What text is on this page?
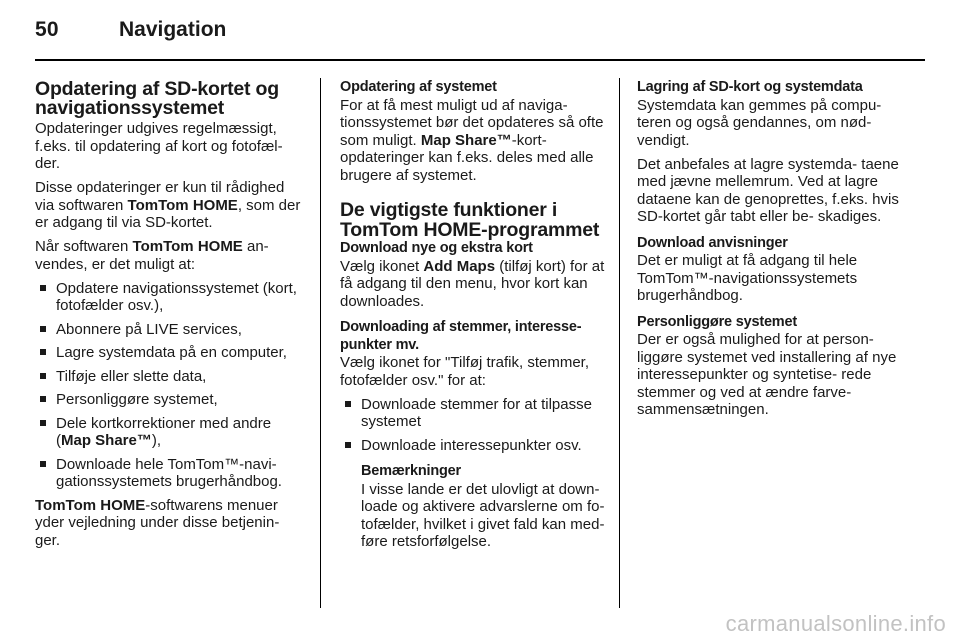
50	Navigation
Opdatering af SD-kortet og
navigationssystemet

Opdateringer udgives regelmæssigt, f.eks. til opdatering af kort og fotofæl- der.

Disse opdateringer er kun til rådighed via softwaren TomTom HOME, som der er adgang til via SD-kortet.

Når softwaren TomTom HOME an- vendes, er det muligt at:

Opdatere navigationssystemet (kort, fotofælder osv.),
Abonnere på LIVE services,
Lagre systemdata på en computer,
Tilføje eller slette data,
Personliggøre systemet,
Dele kortkorrektioner med andre (Map Share™),
Downloade hele TomTom™-navi- gationssystemets brugerhåndbog.

TomTom HOME-softwarens menuer yder vejledning under disse betjenin- ger.

Opdatering af systemet

For at få mest muligt ud af naviga- tionssystemet bør det opdateres så ofte som muligt. Map Share™-kort- opdateringer kan f.eks. deles med alle brugere af systemet.

De vigtigste funktioner i
TomTom HOME-programmet
Download nye og ekstra kort

Vælg ikonet Add Maps (tilføj kort) for at få adgang til den menu, hvor kort kan downloades.

Downloading af stemmer, interesse- punkter mv.

Vælg ikonet for "Tilføj trafik, stemmer, fotofælder osv." for at:

Downloade stemmer for at tilpasse systemet
Downloade interessepunkter osv.
Bemærkninger

I visse lande er det ulovligt at down- loade og aktivere advarslerne om fo- tofælder, hvilket i givet fald kan med- føre retsforfølgelse.

Lagring af SD-kort og systemdata

Systemdata kan gemmes på compu- teren og også gendannes, om nød- vendigt.

Det anbefales at lagre systemda- taene med jævne mellemrum. Ved at lagre dataene kan de genoprettes, f.eks. hvis SD-kortet går tabt eller be- skadiges.

Download anvisninger

Det er muligt at få adgang til hele TomTom™-navigationssystemets brugerhåndbog.

Personliggøre systemet

Der er også mulighed for at person- liggøre systemet ved installering af nye interessepunkter og syntetise- rede stemmer og ved at ændre farve- sammensætningen.

carmanualsonline.info
